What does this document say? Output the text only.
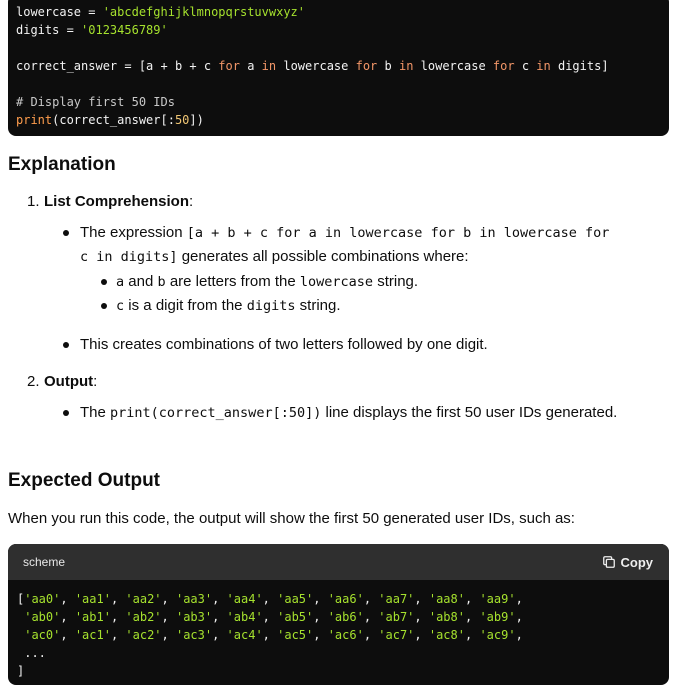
lowercase = 'abcdefghijklmnopqrstuvwxyz'
digits = '0123456789'

correct_answer = [a + b + c for a in lowercase for b in lowercase for c in digits]

# Display first 50 IDs
print(correct_answer[:50])
Explanation
1. List Comprehension:
The expression [a + b + c for a in lowercase for b in lowercase for
c in digits] generates all possible combinations where:
a and b are letters from the lowercase string.
c is a digit from the digits string.
This creates combinations of two letters followed by one digit.
2. Output:
The print(correct_answer[:50]) line displays the first 50 user IDs generated.
Expected Output
When you run this code, the output will show the first 50 generated user IDs, such as:
scheme	Copy
['aa0', 'aa1', 'aa2', 'aa3', 'aa4', 'aa5', 'aa6', 'aa7', 'aa8', 'aa9',
'ab0', 'ab1', 'ab2', 'ab3', 'ab4', 'ab5', 'ab6', 'ab7', 'ab8', 'ab9',
'ac0', 'ac1', 'ac2', 'ac3', 'ac4', 'ac5', 'ac6', 'ac7', 'ac8', 'ac9',
...
]
